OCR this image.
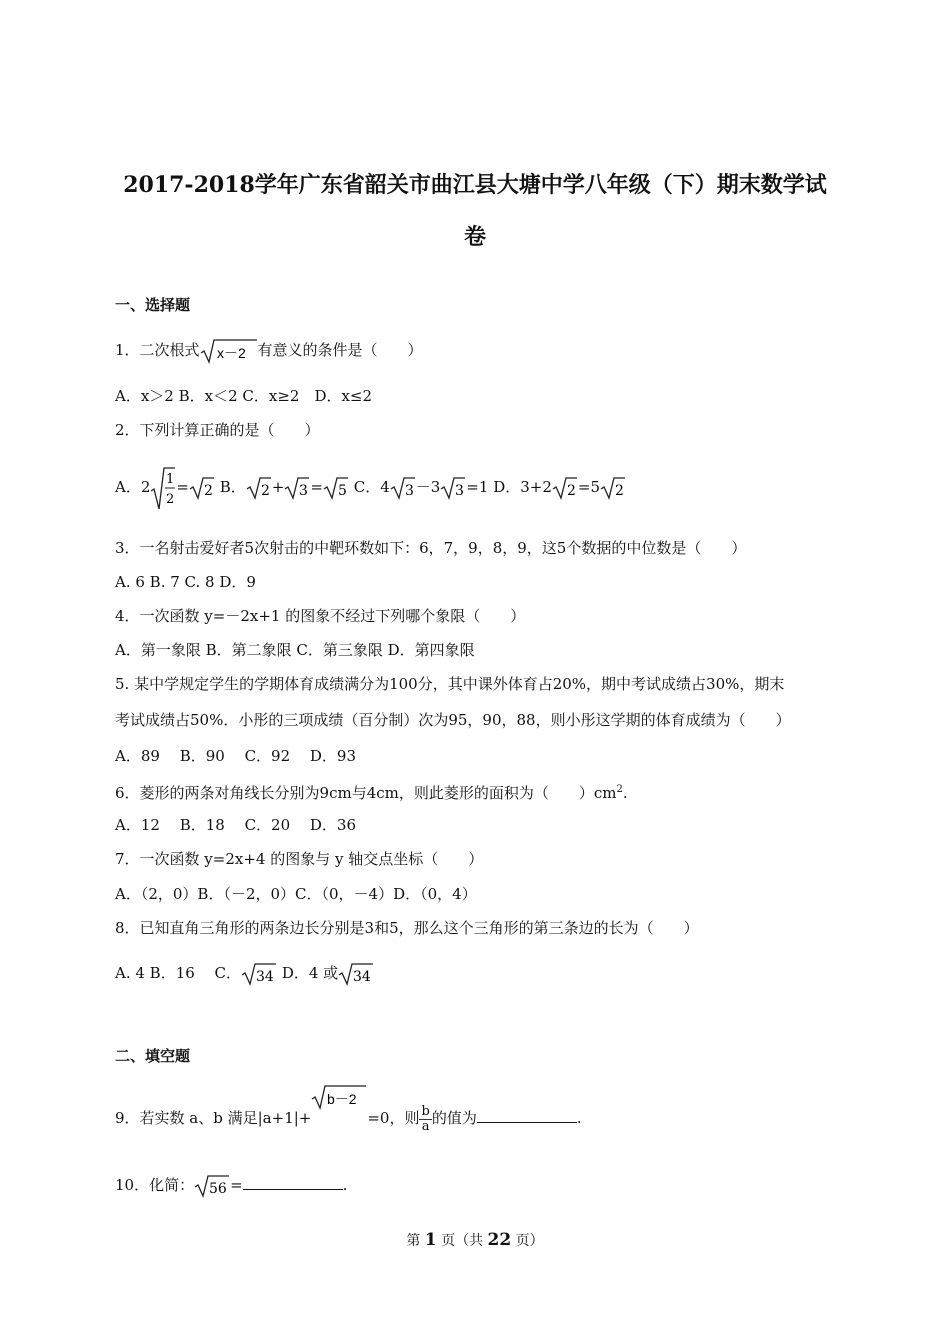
2017-2018学年广东省韶关市曲江县大塘中学八年级（下）期末数学试
卷
一、选择题
1．二次根式 x－2 有意义的条件是（　　）
A．x＞2 B．x＜2 C．x≥2　D．x≤2
2．下列计算正确的是（　　）
A．2 1
2
= 2 B． 2 + 3 = 5 C．4 3 －3 3 =1 D．3+2 2 =5 2
3．一名射击爱好者5次射击的中靶环数如下：6，7，9，8，9，这5个数据的中位数是（　　）
A. 6 B. 7 C. 8 D．9
4．一次函数 y=－2x+1 的图象不经过下列哪个象限（　　）
A．第一象限 B．第二象限 C．第三象限 D．第四象限
5. 某中学规定学生的学期体育成绩满分为100分，其中课外体育占20%，期中考试成绩占30%，期末
考试成绩占50%．小彤的三项成绩（百分制）次为95，90，88，则小彤这学期的体育成绩为（　　）
A．89　 B．90　 C．92　 D．93
6．菱形的两条对角线长分别为9cm与4cm，则此菱形的面积为（　　）$cm^2$.
A．12　 B．18　 C．20　 D．36
7．一次函数 y=2x+4 的图象与 y 轴交点坐标（　　）
A．（2，0）B．（－2，0）C．（0，－4）D．（0，4）
8．已知直角三角形的两条边长分别是3和5，那么这个三角形的第三条边的长为（　　）
A. 4 B．16　 C． 34 D．4 或 34
二、填空题
9．若实数 a、b 满足|a+1|+
b－2
=0，则 $\frac{b}{a}$ 的值为	.
10．化简： 56 =	.
第 1 页（共 22 页）
